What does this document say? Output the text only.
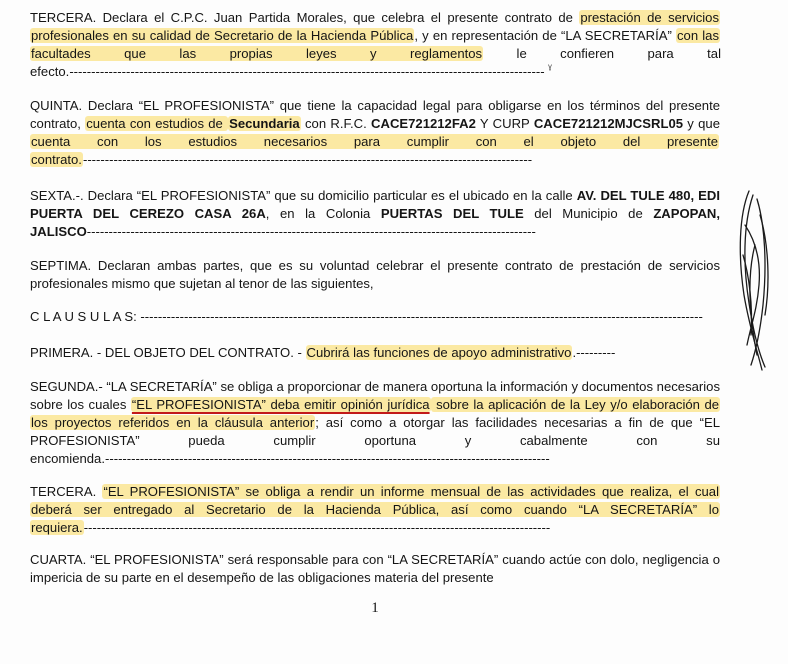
TERCERA. Declara el C.P.C. Juan Partida Morales, que celebra el presente contrato de prestación de servicios profesionales en su calidad de Secretario de la Hacienda Pública, y en representación de “LA SECRETARÍA” con las facultades que las propias leyes y reglamentos le confieren para tal efecto.-------------------------------------------------------------------------------------------------------------

QUINTA. Declara “EL PROFESIONISTA” que tiene la capacidad legal para obligarse en los términos del presente contrato, cuenta con estudios de Secundaria con R.F.C. CACE721212FA2 Y CURP CACE721212MJCSRL05 y que cuenta con los estudios necesarios para cumplir con el objeto del presente contrato.-------------------------------------------------------------------------------------------------------

SEXTA.-. Declara “EL PROFESIONISTA” que su domicilio particular es el ubicado en la calle AV. DEL TULE 480, EDI PUERTA DEL CEREZO CASA 26A, en la Colonia PUERTAS DEL TULE del Municipio de ZAPOPAN, JALISCO-------------------------------------------------------------------------------------------------------

SEPTIMA. Declaran ambas partes, que es su voluntad celebrar el presente contrato de prestación de servicios profesionales mismo que sujetan al tenor de las siguientes,

C L A U S U L A S: ---------------------------------------------------------------------------------------------------------------------------------

PRIMERA. - DEL OBJETO DEL CONTRATO. - Cubrirá las funciones de apoyo administrativo.---------

SEGUNDA.- “LA SECRETARÍA” se obliga a proporcionar de manera oportuna la información y documentos necesarios sobre los cuales “EL PROFESIONISTA” deba emitir opinión jurídica sobre la aplicación de la Ley y/o elaboración de los proyectos referidos en la cláusula anterior; así como a otorgar las facilidades necesarias a fin de que “EL PROFESIONISTA” pueda cumplir oportuna y cabalmente con su encomienda.------------------------------------------------------------------------------------------------------

TERCERA. “EL PROFESIONISTA” se obliga a rendir un informe mensual de las actividades que realiza, el cual deberá ser entregado al Secretario de la Hacienda Pública, así como cuando “LA SECRETARÍA” lo requiera.-----------------------------------------------------------------------------------------------------------

CUARTA. “EL PROFESIONISTA” será responsable para con “LA SECRETARÍA” cuando actúe con dolo, negligencia o impericia de su parte en el desempeño de las obligaciones materia del presente

1
ɣ
